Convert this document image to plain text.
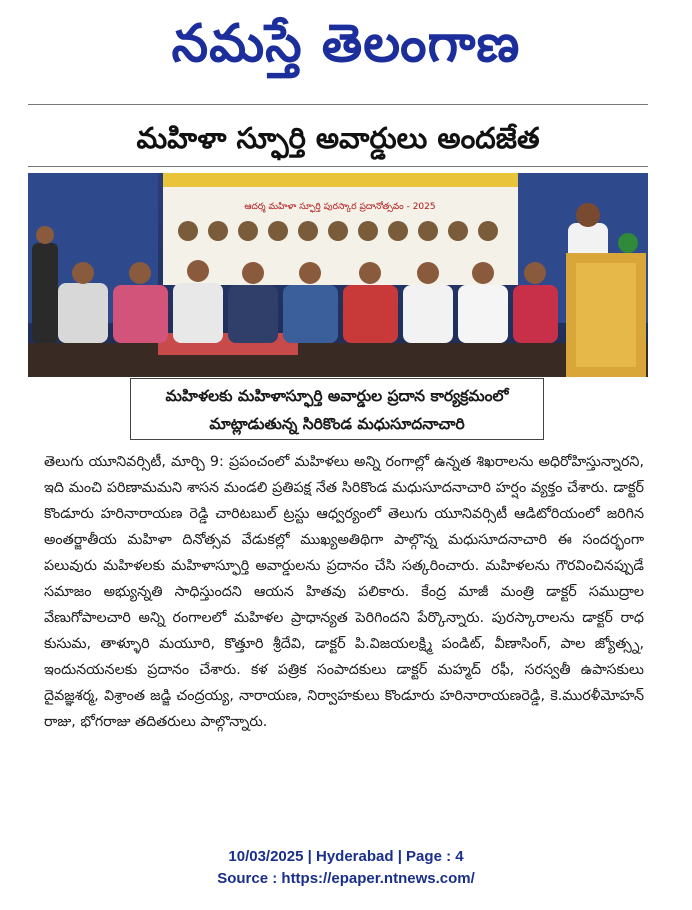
నమస్తే తెలంగాణ
మహిళా స్ఫూర్తి అవార్డులు అందజేత
ఆదర్శ మహిళా స్ఫూర్తి పురస్కార ప్రదానోత్సవం - 2025
మహిళలకు మహిళాస్ఫూర్తి అవార్డుల ప్రదాన కార్యక్రమంలో
మాట్లాడుతున్న సిరికొండ మధుసూదనాచారి

తెలుగు యూనివర్సిటీ, మార్చి 9: ప్రపంచంలో మహిళలు అన్ని రంగాల్లో ఉన్నత శిఖరాలను అధిరోహిస్తున్నారని, ఇది మంచి పరిణామమని శాసన మండలి ప్రతిపక్ష నేత సిరికొండ మధుసూదనాచారి హర్షం వ్యక్తం చేశారు. డాక్టర్ కొండూరు హరినారాయణ రెడ్డి చారిటబుల్ ట్రస్టు ఆధ్వర్యంలో తెలుగు యూనివర్సిటీ ఆడిటోరియంలో జరిగిన అంతర్జాతీయ మహిళా దినోత్సవ వేడుకల్లో ముఖ్యఅతిథిగా పాల్గొన్న మధుసూదనాచారి ఈ సందర్భంగా పలువురు మహిళలకు మహిళాస్ఫూర్తి అవార్డులను ప్రదానం చేసి సత్కరించారు. మహిళలను గౌరవించినప్పుడే సమాజం అభ్యున్నతి సాధిస్తుందని ఆయన హితవు పలికారు. కేంద్ర మాజీ మంత్రి డాక్టర్ సముద్రాల వేణుగోపాలచారి అన్ని రంగాలలో మహిళల ప్రాధాన్యత పెరిగిందని పేర్కొన్నారు. పురస్కారాలను డాక్టర్ రాధ కుసుమ, తాళ్ళూరి మయూరి, కొత్తూరి శ్రీదేవి, డాక్టర్ పి.విజయలక్ష్మి పండిట్, వీణాసింగ్, పాల జ్యోత్స్న, ఇందునయనలకు ప్రదానం చేశారు. కళ పత్రిక సంపాదకులు డాక్టర్ మహ్మద్ రఫీ, సరస్వతీ ఉపాసకులు దైవజ్ఞశర్మ, విశ్రాంత జడ్జి చంద్రయ్య, నారాయణ, నిర్వాహకులు కొండూరు హరినారాయణరెడ్డి, కె.మురళీమోహన్ రాజు, భోగరాజు తదితరులు పాల్గొన్నారు.

10/03/2025 | Hyderabad | Page : 4
Source : https://epaper.ntnews.com/
